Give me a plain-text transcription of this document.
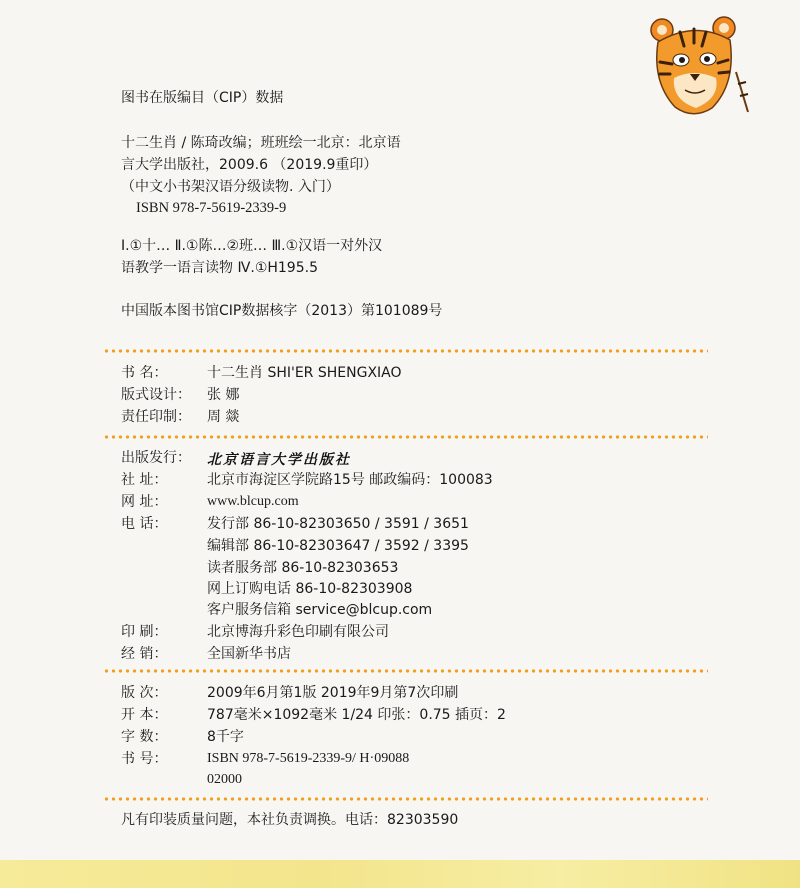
图书在版编目（CIP）数据
十二生肖 / 陈琦改编；班班绘一北京：北京语
言大学出版社，2009.6 （2019.9重印）
（中文小书架汉语分级读物. 入门）
ISBN 978-7-5619-2339-9
Ⅰ.①十… Ⅱ.①陈…②班… Ⅲ.①汉语一对外汉
语教学一语言读物 Ⅳ.①H195.5
中国版本图书馆CIP数据核字（2013）第101089号
书 名：	十二生肖 SHI'ER SHENGXIAO
版式设计： 张 娜
责任印制： 周 燚
出版发行： 北京语言大学出版社
社 址：	北京市海淀区学院路15号 邮政编码：100083
网 址：	www.blcup.com
电 话：	发行部 86-10-82303650 / 3591 / 3651
编辑部 86-10-82303647 / 3592 / 3395
读者服务部 86-10-82303653
网上订购电话 86-10-82303908
客户服务信箱 service@blcup.com
印 刷：	北京博海升彩色印刷有限公司
经 销：	全国新华书店
版 次：	2009年6月第1版 2019年9月第7次印刷
开 本：	787毫米×1092毫米 1/24 印张：0.75 插页：2
字 数：	8千字
书 号：	ISBN 978-7-5619-2339-9/ H·09088
02000
凡有印装质量问题，本社负责调换。电话：82303590
